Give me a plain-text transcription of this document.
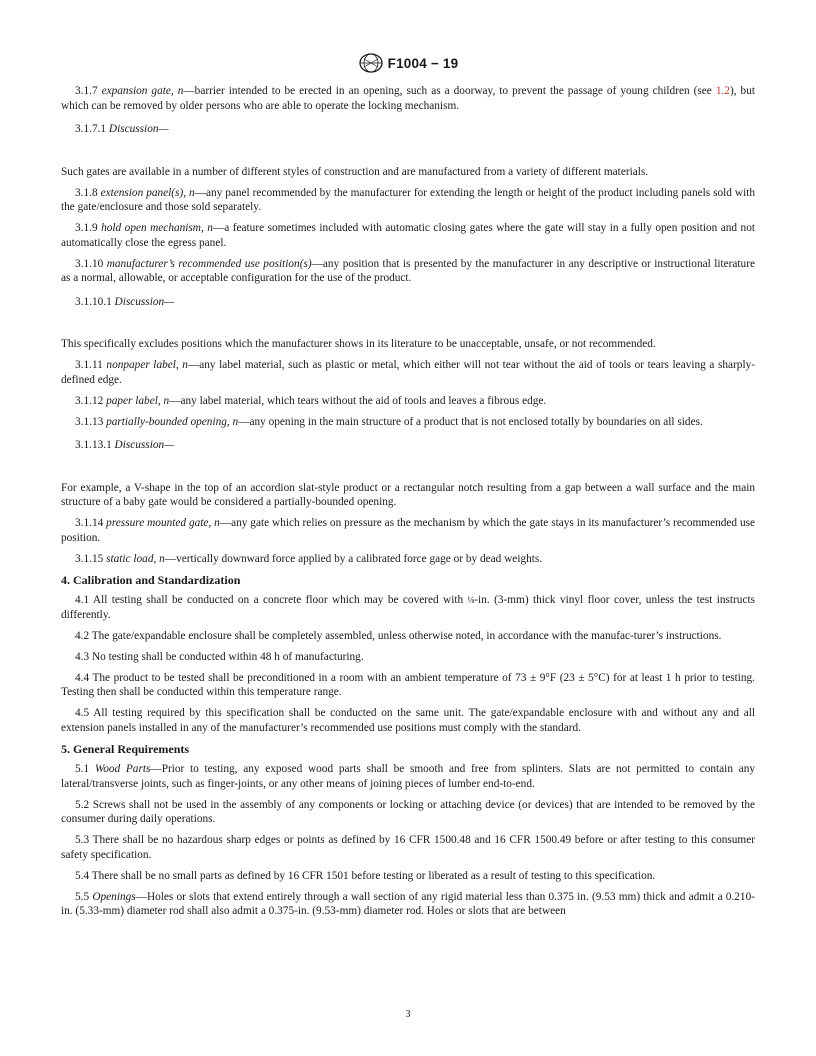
F1004 − 19

3.1.7 expansion gate, n—barrier intended to be erected in an opening, such as a doorway, to prevent the passage of young children (see 1.2), but which can be removed by older persons who are able to operate the locking mechanism.

3.1.7.1 Discussion—

Such gates are available in a number of different styles of construction and are manufactured from a variety of different materials.

3.1.8 extension panel(s), n—any panel recommended by the manufacturer for extending the length or height of the product including panels sold with the gate/enclosure and those sold separately.

3.1.9 hold open mechanism, n—a feature sometimes included with automatic closing gates where the gate will stay in a fully open position and not automatically close the egress panel.

3.1.10 manufacturer’s recommended use position(s)—any position that is presented by the manufacturer in any descriptive or instructional literature as a normal, allowable, or acceptable configuration for the use of the product.

3.1.10.1 Discussion—

This specifically excludes positions which the manufacturer shows in its literature to be unacceptable, unsafe, or not recommended.

3.1.11 nonpaper label, n—any label material, such as plastic or metal, which either will not tear without the aid of tools or tears leaving a sharply-defined edge.

3.1.12 paper label, n—any label material, which tears without the aid of tools and leaves a fibrous edge.

3.1.13 partially-bounded opening, n—any opening in the main structure of a product that is not enclosed totally by boundaries on all sides.

3.1.13.1 Discussion—

For example, a V-shape in the top of an accordion slat-style product or a rectangular notch resulting from a gap between a wall surface and the main structure of a baby gate would be considered a partially-bounded opening.

3.1.14 pressure mounted gate, n—any gate which relies on pressure as the mechanism by which the gate stays in its manufacturer’s recommended use position.

3.1.15 static load, n—vertically downward force applied by a calibrated force gage or by dead weights.

4. Calibration and Standardization

4.1 All testing shall be conducted on a concrete floor which may be covered with ⅛-in. (3-mm) thick vinyl floor cover, unless the test instructs differently.

4.2 The gate/expandable enclosure shall be completely assembled, unless otherwise noted, in accordance with the manufac-turer’s instructions.

4.3 No testing shall be conducted within 48 h of manufacturing.

4.4 The product to be tested shall be preconditioned in a room with an ambient temperature of 73 ± 9°F (23 ± 5°C) for at least 1 h prior to testing. Testing then shall be conducted within this temperature range.

4.5 All testing required by this specification shall be conducted on the same unit. The gate/expandable enclosure with and without any and all extension panels installed in any of the manufacturer’s recommended use positions must comply with the standard.

5. General Requirements

5.1 Wood Parts—Prior to testing, any exposed wood parts shall be smooth and free from splinters. Slats are not permitted to contain any lateral/transverse joints, such as finger-joints, or any other means of joining pieces of lumber end-to-end.

5.2 Screws shall not be used in the assembly of any components or locking or attaching device (or devices) that are intended to be removed by the consumer during daily operations.

5.3 There shall be no hazardous sharp edges or points as defined by 16 CFR 1500.48 and 16 CFR 1500.49 before or after testing to this consumer safety specification.

5.4 There shall be no small parts as defined by 16 CFR 1501 before testing or liberated as a result of testing to this specification.

5.5 Openings—Holes or slots that extend entirely through a wall section of any rigid material less than 0.375 in. (9.53 mm) thick and admit a 0.210-in. (5.33-mm) diameter rod shall also admit a 0.375-in. (9.53-mm) diameter rod. Holes or slots that are between

3
